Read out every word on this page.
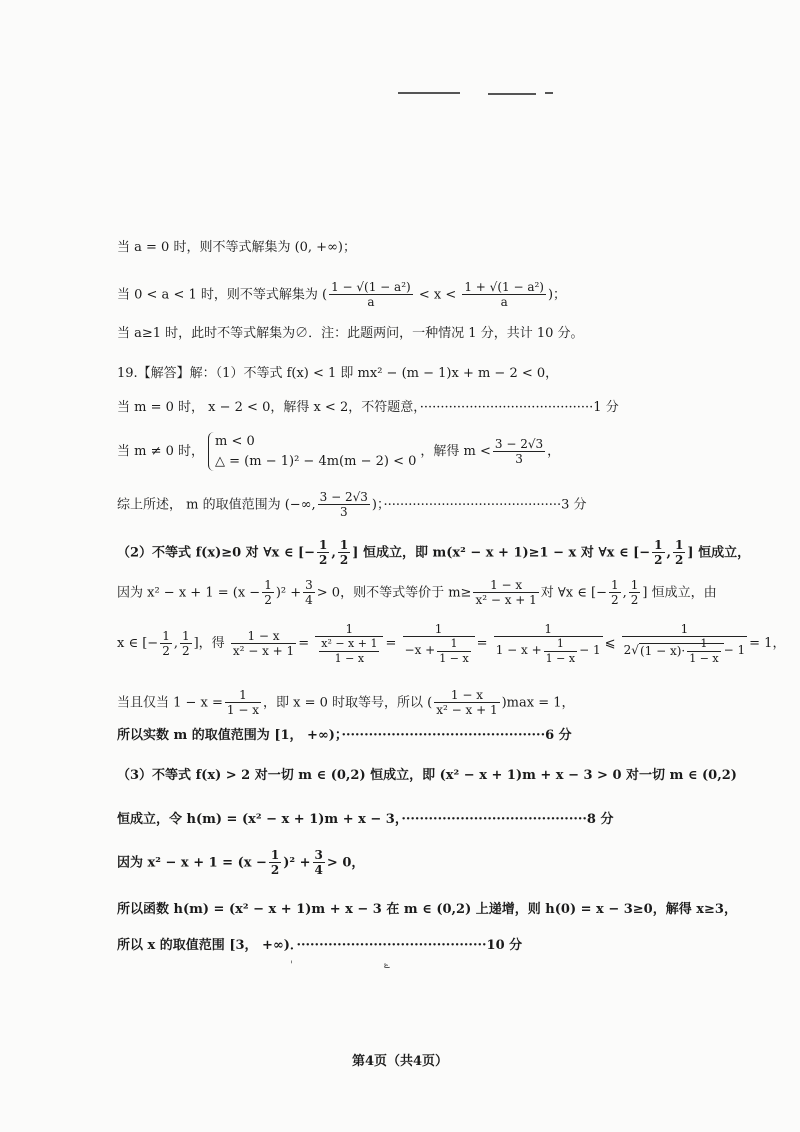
当 a = 0 时，则不等式解集为 (0, +∞)；
当 0 < a < 1 时，则不等式解集为 ( $\frac{\text{1 − √(1 − a²)}}{a} < x < \frac{\text{1 + √(1 − a²)}}{a}$ )；
当 a≥1 时，此时不等式解集为∅．注：此题两问，一种情况 1 分，共计 10 分。
19.【解答】解：（1）不等式 f(x) < 1 即 mx² − (m − 1)x + m − 2 < 0，
当 m = 0 时， x − 2 < 0，解得 x < 2，不符题意，··········································1 分
当 m ≠ 0 时，
m < 0
△ = (m − 1)² − 4m(m − 2) < 0
，解得 $m < \frac{3 - 2√3}{3}$ ，
综上所述， m 的取值范围为 (−∞, $\frac{3 - 2√3}{3}$ )；···········································3 分
（2）不等式 f(x)≥0 对 ∀x ∈ [− $\frac{1}{2}$ , $\frac{1}{2}$ ] 恒成立，即 m(x² − x + 1)≥1 − x 对 ∀x ∈ [− $\frac{1}{2}$ , $\frac{1}{2}$ ] 恒成立，
因为 $x^2 - x + 1 = (x - \frac{1}{2} )^2 + \frac{3}{4} > 0$，则不等式等价于 $m\ge \frac{1 - x}{\text{x² − x + 1}}$ 对 ∀x ∈ [− $\frac{1}{2}$ , $\frac{1}{2}$ ] 恒成立，由
x ∈ [− $\frac{1}{2}$ , $\frac{1}{2}$ ]，得 $\frac{1 - x}{\text{x² − x + 1}} = \frac{1}{\frac{\text{x² − x + 1}}{1 - x}} = \frac{1}{-x + \frac{1}{1 - x}} = \frac{1}{1 - x + \frac{1}{1 - x} - 1}$ ⩽ $\frac{1}{2√(1 - x)\cdot \frac{1}{1 - x} - 1} = 1$，
当且仅当 $1 - x = \frac{1}{1 - x}$ ，即 x = 0 时取等号，所以 ( $\frac{1 - x}{\text{x² − x + 1}} )\max = 1$，
所以实数 m 的取值范围为 [1， +∞)；·············································6 分
（3）不等式 f(x) > 2 对一切 m ∈ (0,2) 恒成立，即 (x² − x + 1)m + x − 3 > 0 对一切 m ∈ (0,2)
恒成立，令 h(m) = (x² − x + 1)m + x − 3，·········································8 分
因为 $x^2 - x + 1 = (x - \frac{1}{2} )^2 + \frac{3}{4} > 0$，
所以函数 h(m) = (x² − x + 1)m + x − 3 在 m ∈ (0,2) 上递增，则 h(0) = x − 3≥0，解得 x≥3，
所以 x 的取值范围 [3， +∞)．··········································10 分
'	ݺ
第4页（共4页）
